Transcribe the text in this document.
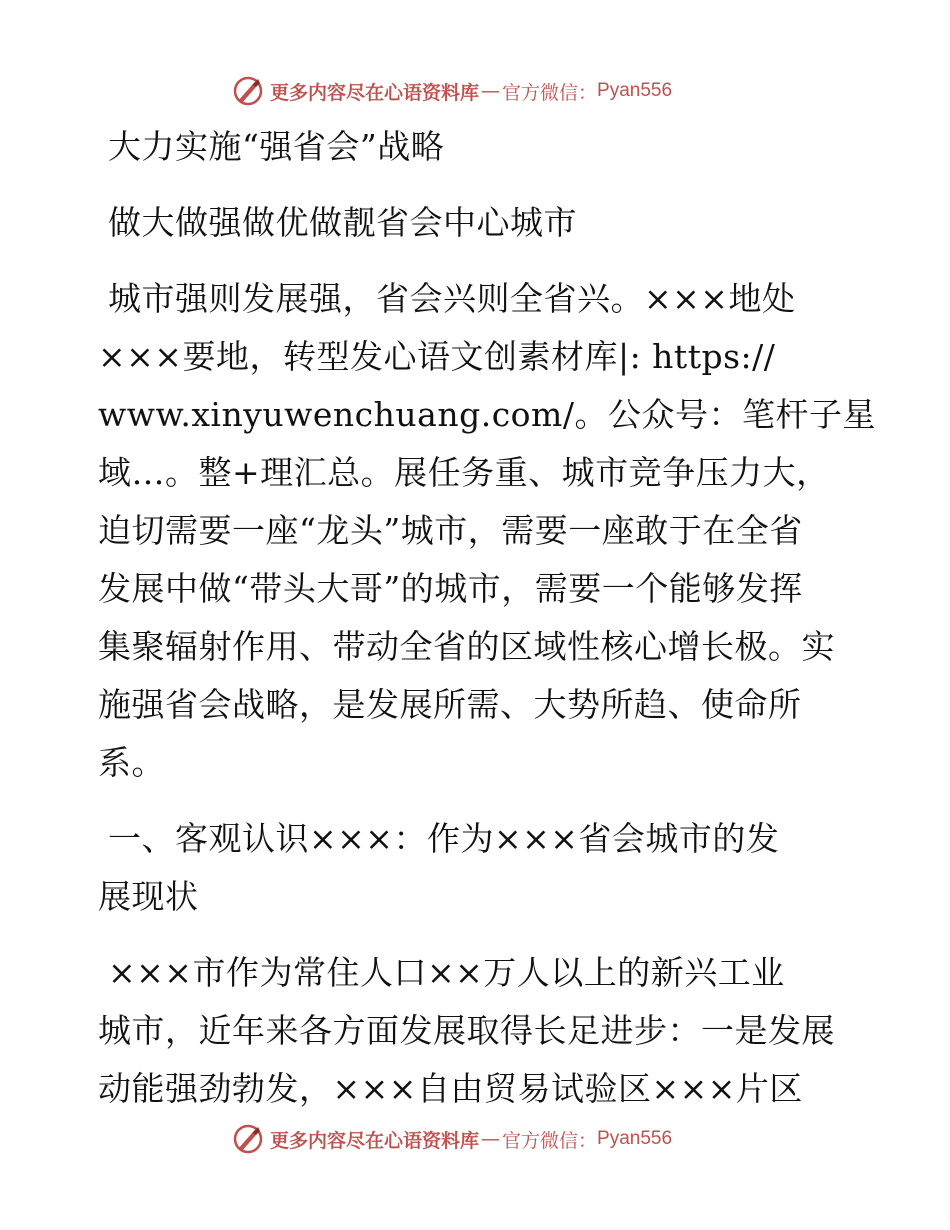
更多内容尽在心语资料库 — 官方微信： Pyan556
大力实施“强省会”战略
做大做强做优做靓省会中心城市
城市强则发展强，省会兴则全省兴。×××地处
×××要地，转型发心语文创素材库|: https://
www.xinyuwenchuang.com/。公众号：笔杆子星
域…。整+理汇总。展任务重、城市竞争压力大，
迫切需要一座“龙头”城市，需要一座敢于在全省
发展中做“带头大哥”的城市，需要一个能够发挥
集聚辐射作用、带动全省的区域性核心增长极。实
施强省会战略，是发展所需、大势所趋、使命所
系。
一、客观认识×××：作为×××省会城市的发
展现状
×××市作为常住人口××万人以上的新兴工业
城市，近年来各方面发展取得长足进步：一是发展
动能强劲勃发，×××自由贸易试验区×××片区
更多内容尽在心语资料库 — 官方微信： Pyan556
